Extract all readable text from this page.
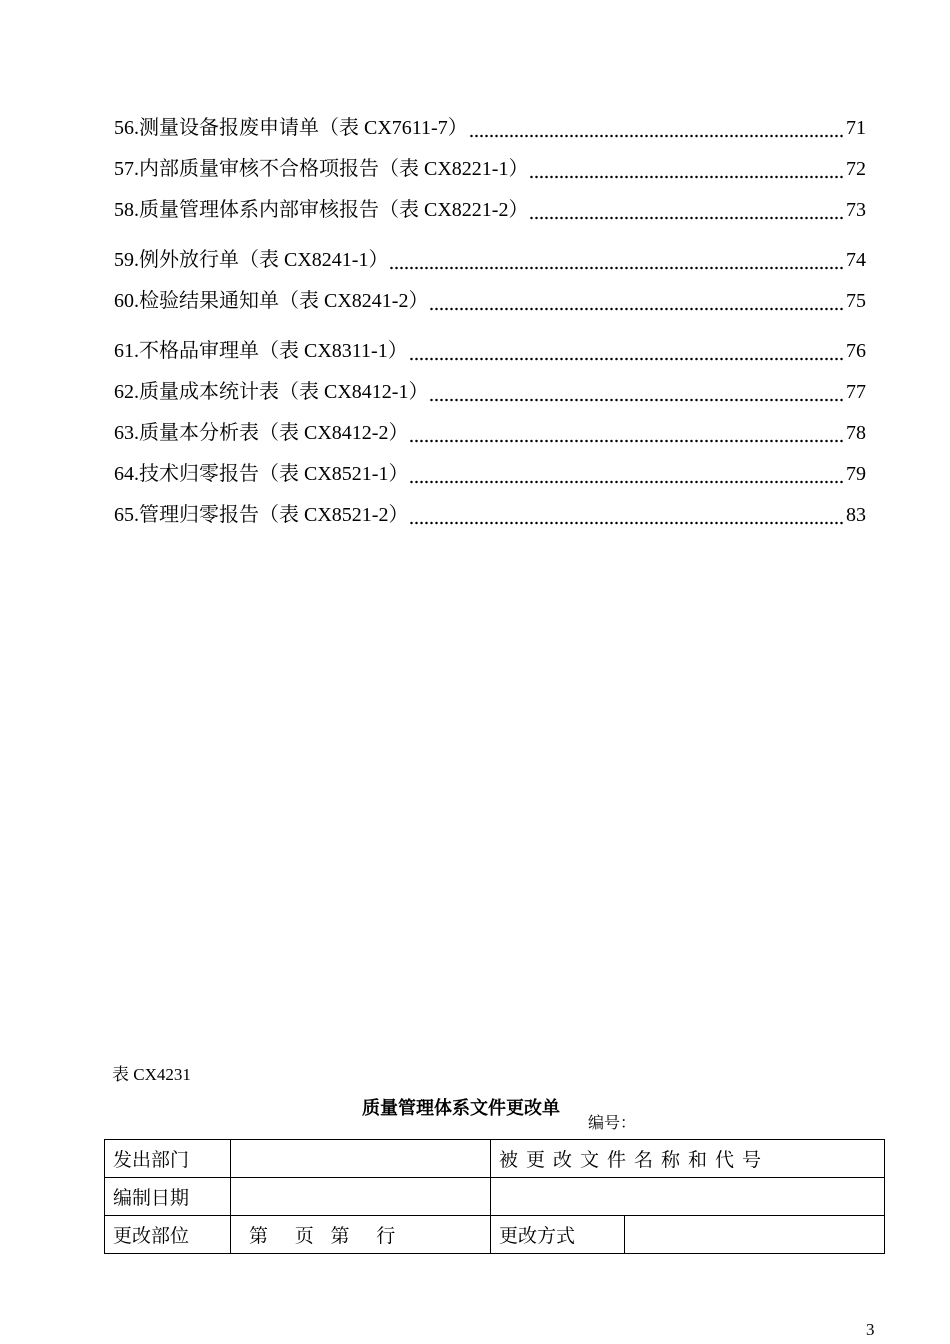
56.测量设备报废申请单（表 CX7611-7）	71
57.内部质量审核不合格项报告（表 CX8221-1）	72
58.质量管理体系内部审核报告（表 CX8221-2）	73
59.例外放行单（表 CX8241-1）	74
60.检验结果通知单（表 CX8241-2）	75
61.不格品审理单（表 CX8311-1）	76
62.质量成本统计表（表 CX8412-1）	77
63.质量本分析表（表 CX8412-2）	78
64.技术归零报告（表 CX8521-1）	79
65.管理归零报告（表 CX8521-2）	83
表 CX4231
质量管理体系文件更改单
编号：
发出部门		被更改文件名称和代号	
编制日期			
更改部位	第 页 第 行	更改方式	
3
